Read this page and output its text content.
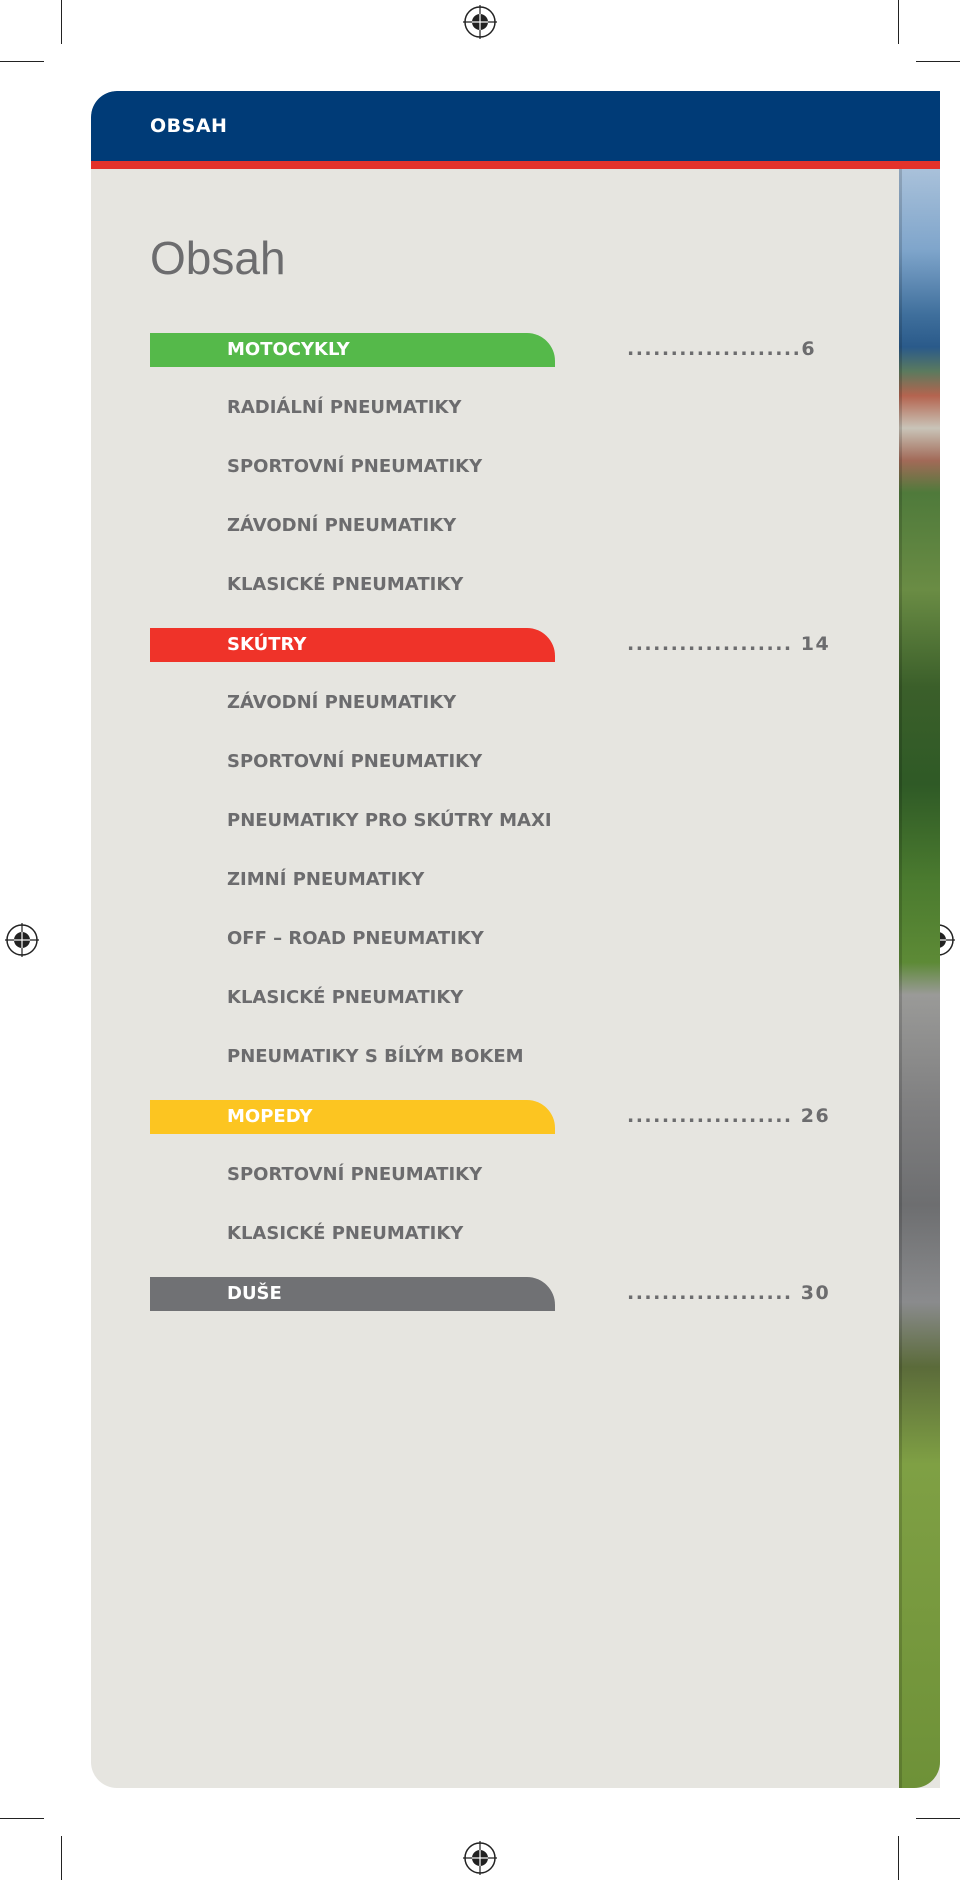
OBSAH
Obsah
MOTOCYKLY	....................6
RADIÁLNÍ PNEUMATIKY
SPORTOVNÍ PNEUMATIKY
ZÁVODNÍ PNEUMATIKY
KLASICKÉ PNEUMATIKY
SKÚTRY	................... 14
ZÁVODNÍ PNEUMATIKY
SPORTOVNÍ PNEUMATIKY
PNEUMATIKY PRO SKÚTRY MAXI
ZIMNÍ PNEUMATIKY
OFF – ROAD PNEUMATIKY
KLASICKÉ PNEUMATIKY
PNEUMATIKY S BÍLÝM BOKEM
MOPEDY	................... 26
SPORTOVNÍ PNEUMATIKY
KLASICKÉ PNEUMATIKY
DUŠE	................... 30
